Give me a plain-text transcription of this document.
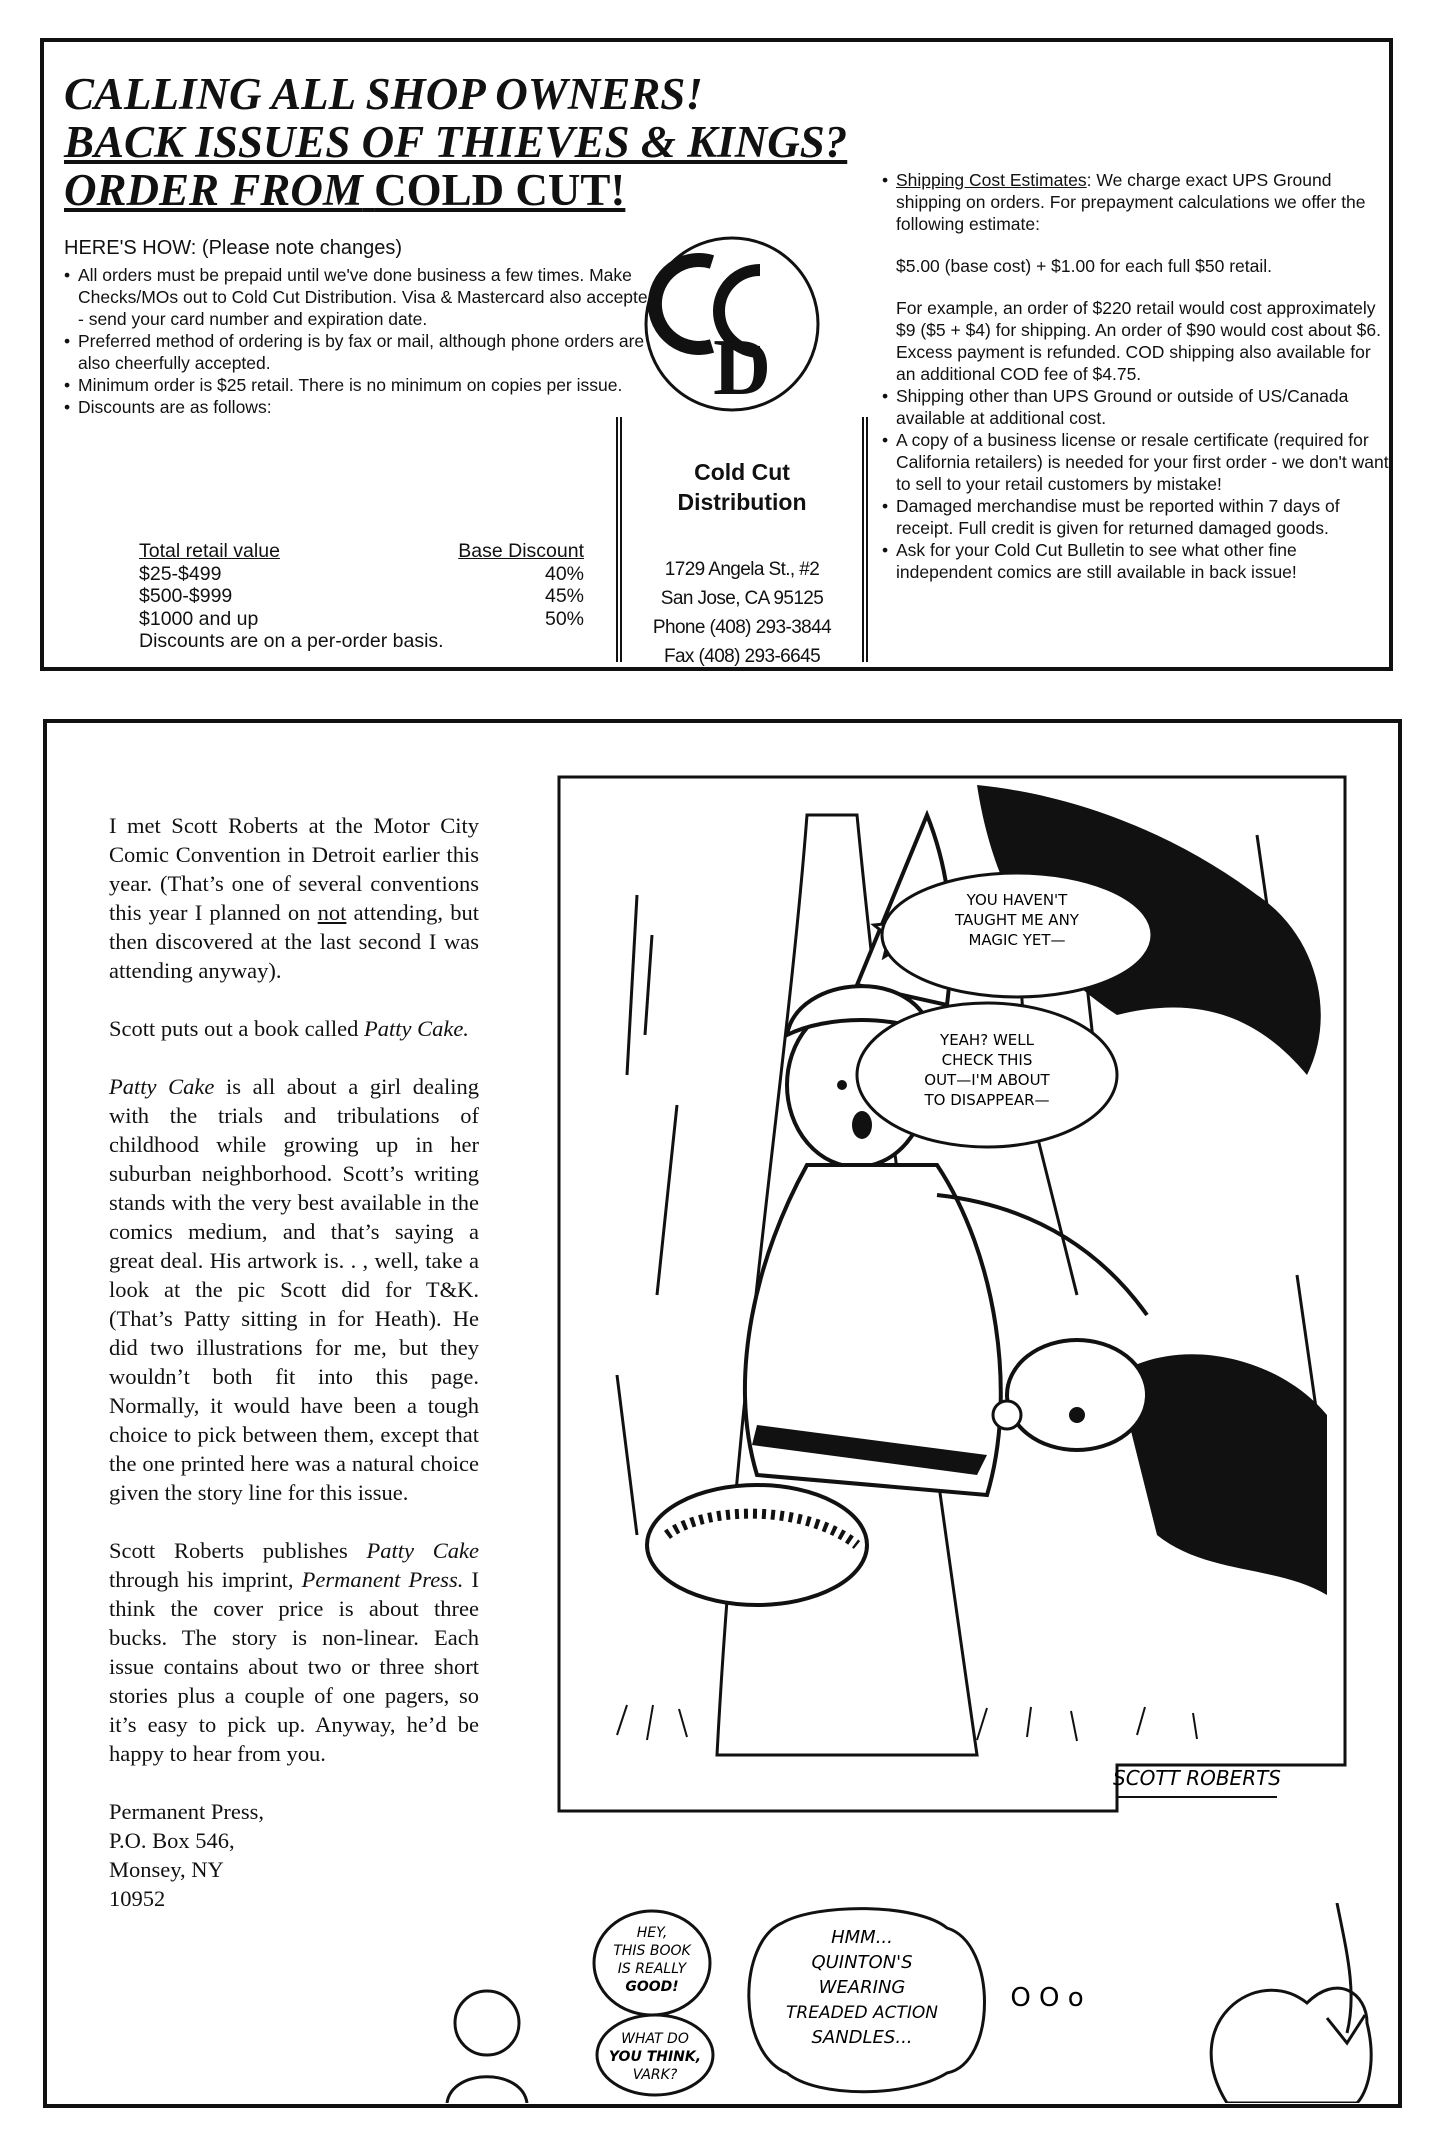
CALLING ALL SHOP OWNERS!
BACK ISSUES OF THIEVES & KINGS?
ORDER FROM COLD CUT!
HERE'S HOW: (Please note changes)
• All orders must be prepaid until we've done business a few times. Make Checks/MOs out to Cold Cut Distribution. Visa & Mastercard also accepted - send your card number and expiration date.
• Preferred method of ordering is by fax or mail, although phone orders are also cheerfully accepted.
• Minimum order is $25 retail. There is no minimum on copies per issue.
• Discounts are as follows:
Total retail value	Base Discount
$25-$499	40%
$500-$999	45%
$1000 and up	50%
Discounts are on a per-order basis.
D
Cold Cut
Distribution
1729 Angela St., #2
San Jose, CA 95125
Phone (408) 293-3844
Fax (408) 293-6645

• Shipping Cost Estimates: We charge exact UPS Ground shipping on orders. For prepayment calculations we offer the following estimate:

$5.00 (base cost) + $1.00 for each full $50 retail.

For example, an order of $220 retail would cost approximately $9 ($5 + $4) for shipping. An order of $90 would cost about $6. Excess payment is refunded. COD shipping also available for an additional COD fee of $4.75.

• Shipping other than UPS Ground or outside of US/Canada available at additional cost.

• A copy of a business license or resale certificate (required for California retailers) is needed for your first order - we don't want to sell to your retail customers by mistake!

• Damaged merchandise must be reported within 7 days of receipt. Full credit is given for returned damaged goods.

• Ask for your Cold Cut Bulletin to see what other fine independent comics are still available in back issue!

I met Scott Roberts at the Motor City Comic Convention in Detroit earlier this year. (That’s one of several conventions this year I planned on not attending, but then discovered at the last second I was attending anyway).

Scott puts out a book called Patty Cake.

Patty Cake is all about a girl dealing with the trials and tribulations of childhood while growing up in her suburban neighborhood. Scott’s writing stands with the very best available in the comics medium, and that’s saying a great deal. His artwork is. . , well, take a look at the pic Scott did for T&K. (That’s Patty sitting in for Heath). He did two illustrations for me, but they wouldn’t both fit into this page. Normally, it would have been a tough choice to pick between them, except that the one printed here was a natural choice given the story line for this issue.

Scott Roberts publishes Patty Cake through his imprint, Permanent Press. I think the cover price is about three bucks. The story is non-linear. Each issue contains about two or three short stories plus a couple of one pagers, so it’s easy to pick up. Anyway, he’d be happy to hear from you.

Permanent Press,

P.O. Box 546,

Monsey, NY

10952

YOU HAVEN'T
TAUGHT ME ANY
MAGIC YET—
YEAH? WELL
CHECK THIS
OUT—I'M ABOUT
TO DISAPPEAR—
SCOTT ROBERTS
HEY,
THIS BOOK
IS REALLY
GOOD!
WHAT DO
YOU THINK,
VARK?
HMM...
QUINTON'S
WEARING
TREADED ACTION
SANDLES...
O O o
